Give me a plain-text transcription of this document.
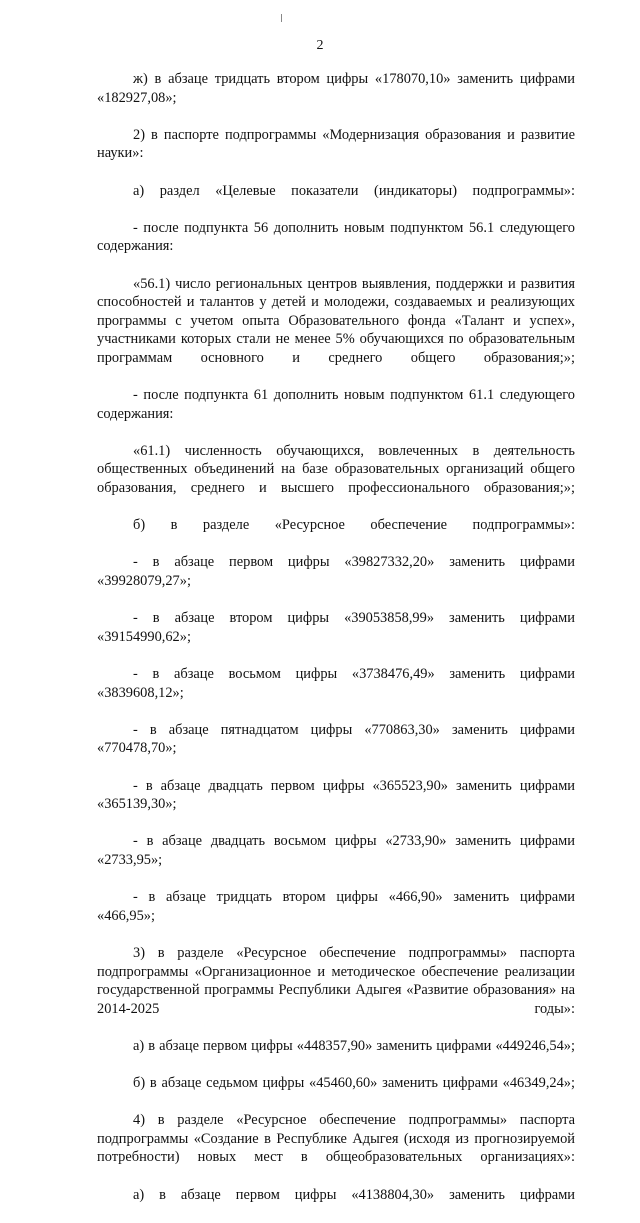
2

ж) в абзаце тридцать втором цифры «178070,10» заменить цифрами «182927,08»;

2) в паспорте подпрограммы «Модернизация образования и развитие науки»:

а) раздел «Целевые показатели (индикаторы) подпрограммы»:

- после подпункта 56 дополнить новым подпунктом 56.1 следующего содержания:

«56.1) число региональных центров выявления, поддержки и развития способностей и талантов у детей и молодежи, создаваемых и реализующих программы с учетом опыта Образовательного фонда «Талант и успех», участниками которых стали не менее 5% обучающихся по образовательным программам основного и среднего общего образования;»;

- после подпункта 61 дополнить новым подпунктом 61.1 следующего содержания:

«61.1) численность обучающихся, вовлеченных в деятельность общественных объединений на базе образовательных организаций общего образования, среднего и высшего профессионального образования;»;

б) в разделе «Ресурсное обеспечение подпрограммы»:

- в абзаце первом цифры «39827332,20» заменить цифрами «39928079,27»;

- в абзаце втором цифры «39053858,99» заменить цифрами «39154990,62»;

- в абзаце восьмом цифры «3738476,49» заменить цифрами «3839608,12»;

- в абзаце пятнадцатом цифры «770863,30» заменить цифрами «770478,70»;

- в абзаце двадцать первом цифры «365523,90» заменить цифрами «365139,30»;

- в абзаце двадцать восьмом цифры «2733,90» заменить цифрами «2733,95»;

- в абзаце тридцать втором цифры «466,90» заменить цифрами «466,95»;

3) в разделе «Ресурсное обеспечение подпрограммы» паспорта подпрограммы «Организационное и методическое обеспечение реализации государственной программы Республики Адыгея «Развитие образования» на 2014-2025 годы»:

а) в абзаце первом цифры «448357,90» заменить цифрами «449246,54»;

б) в абзаце седьмом цифры «45460,60» заменить цифрами «46349,24»;

4) в разделе «Ресурсное обеспечение подпрограммы» паспорта подпрограммы «Создание в Республике Адыгея (исходя из прогнозируемой потребности) новых мест в общеобразовательных организациях»:

а) в абзаце первом цифры «4138804,30» заменить цифрами
